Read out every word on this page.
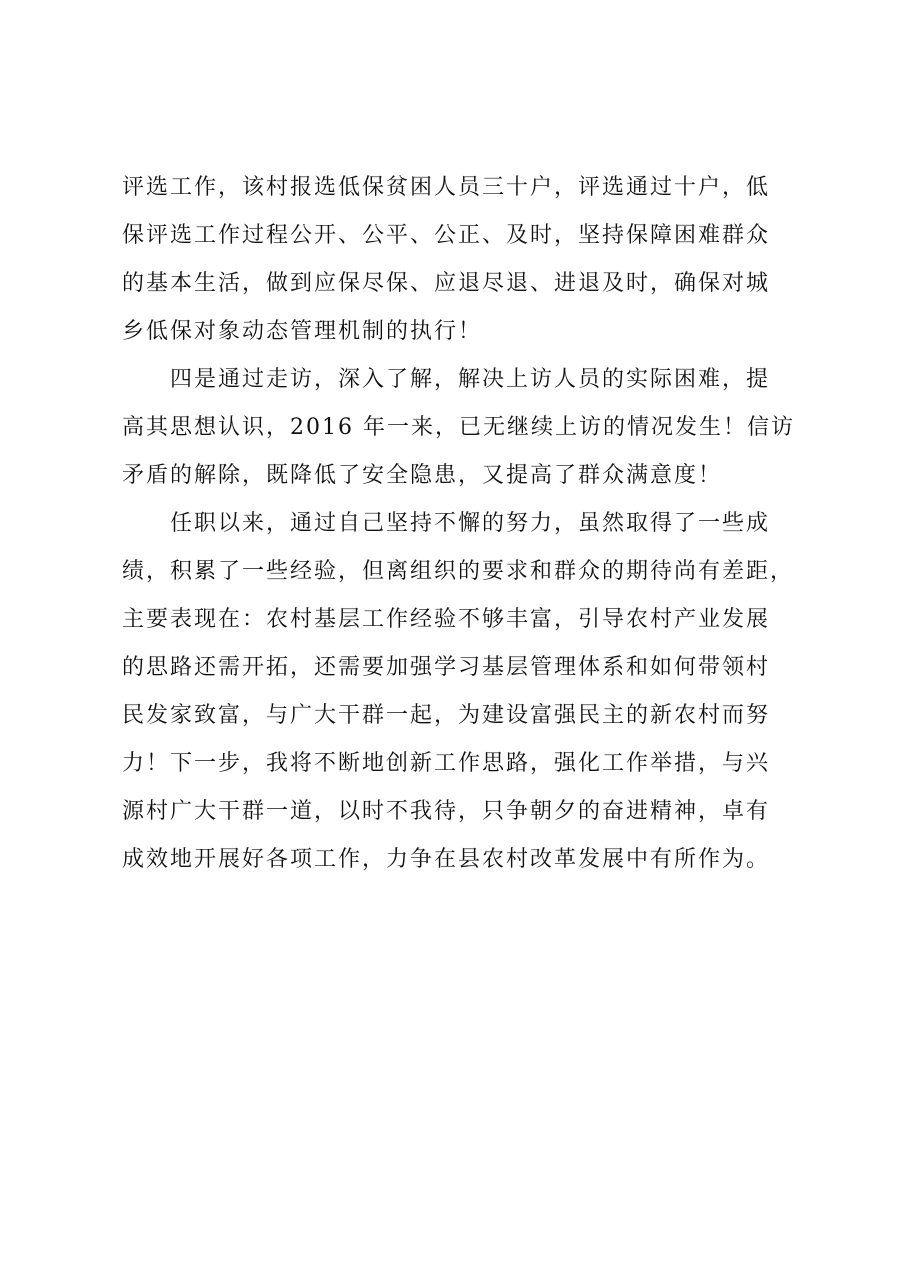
评选工作，该村报选低保贫困人员三十户，评选通过十户，低
保评选工作过程公开、公平、公正、及时，坚持保障困难群众
的基本生活，做到应保尽保、应退尽退、进退及时，确保对城
乡低保对象动态管理机制的执行！
四是通过走访，深入了解，解决上访人员的实际困难，提
高其思想认识，2016 年一来，已无继续上访的情况发生！信访
矛盾的解除，既降低了安全隐患，又提高了群众满意度！
任职以来，通过自己坚持不懈的努力，虽然取得了一些成
绩，积累了一些经验，但离组织的要求和群众的期待尚有差距，
主要表现在：农村基层工作经验不够丰富，引导农村产业发展
的思路还需开拓，还需要加强学习基层管理体系和如何带领村
民发家致富，与广大干群一起，为建设富强民主的新农村而努
力！下一步，我将不断地创新工作思路，强化工作举措，与兴
源村广大干群一道，以时不我待，只争朝夕的奋进精神，卓有
成效地开展好各项工作，力争在县农村改革发展中有所作为。
